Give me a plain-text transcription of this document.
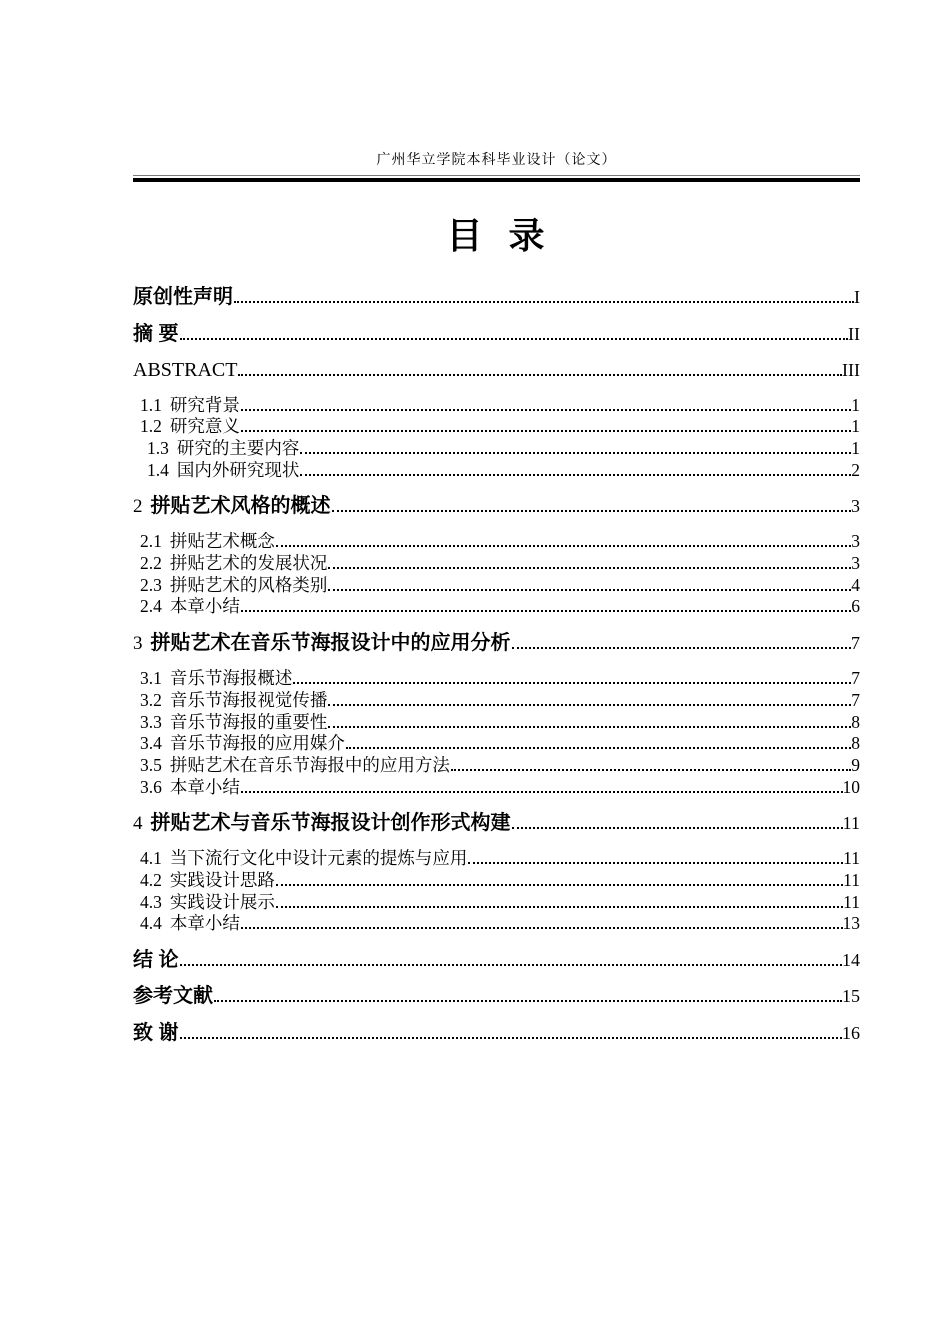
广州华立学院本科毕业设计（论文）
目  录
原创性声明	I
摘 要	II
ABSTRACT	III
1.1 研究背景	1
1.2 研究意义	1
1.3 研究的主要内容	1
1.4 国内外研究现状	2
2 拼贴艺术风格的概述	3
2.1 拼贴艺术概念	3
2.2 拼贴艺术的发展状况	3
2.3 拼贴艺术的风格类别	4
2.4 本章小结	6
3 拼贴艺术在音乐节海报设计中的应用分析	7
3.1 音乐节海报概述	7
3.2 音乐节海报视觉传播	7
3.3 音乐节海报的重要性	8
3.4 音乐节海报的应用媒介	8
3.5 拼贴艺术在音乐节海报中的应用方法	9
3.6 本章小结	10
4 拼贴艺术与音乐节海报设计创作形式构建	11
4.1 当下流行文化中设计元素的提炼与应用	11
4.2 实践设计思路	11
4.3 实践设计展示	11
4.4 本章小结	13
结 论	14
参考文献	15
致 谢	16
